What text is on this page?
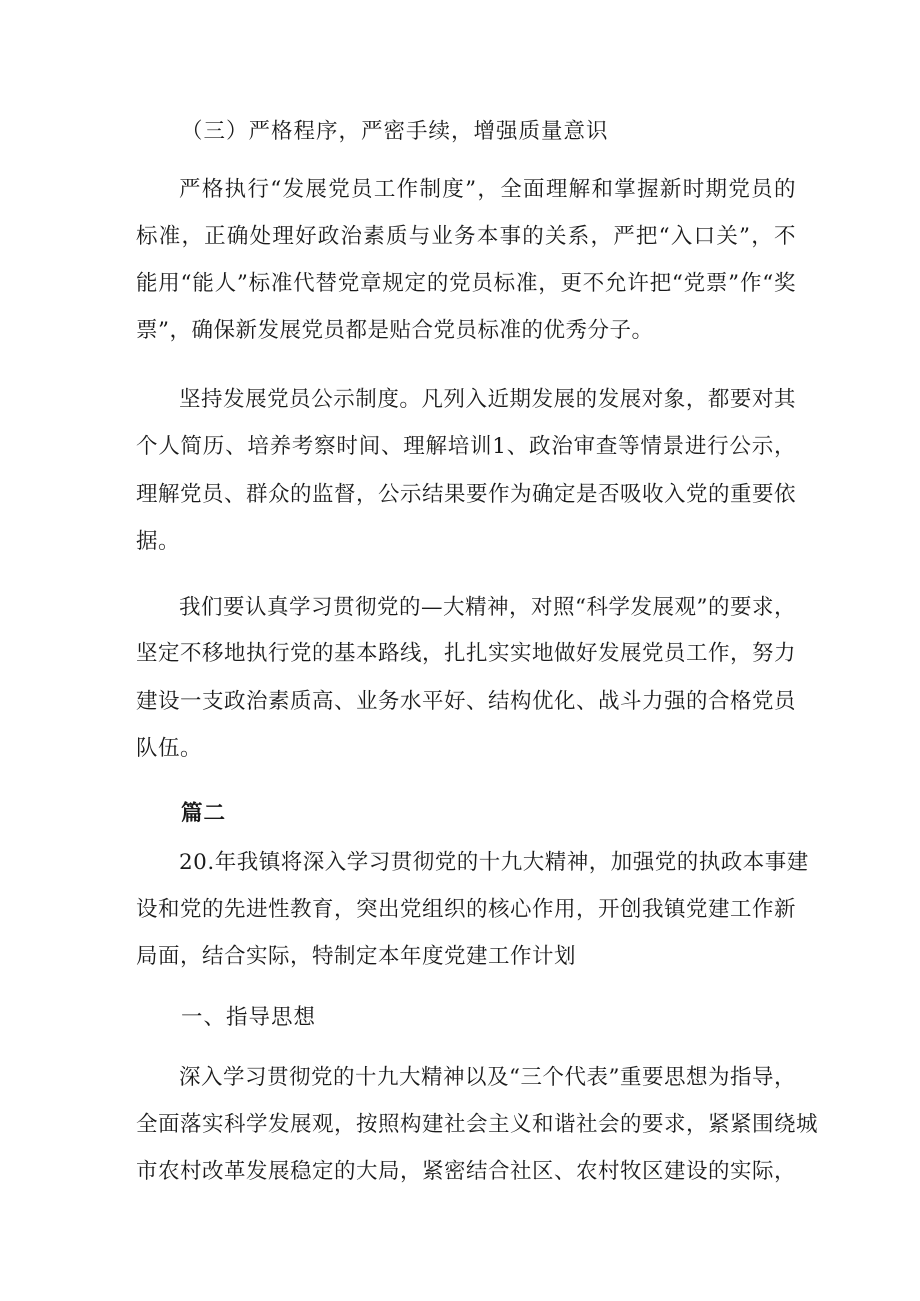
（三）严格程序，严密手续，增强质量意识
严格执行“发展党员工作制度”，全面理解和掌握新时期党员的
标准，正确处理好政治素质与业务本事的关系，严把“入口关”，不
能用“能人”标准代替党章规定的党员标准，更不允许把“党票”作“奖
票”，确保新发展党员都是贴合党员标准的优秀分子。
坚持发展党员公示制度。凡列入近期发展的发展对象，都要对其
个人简历、培养考察时间、理解培训1、政治审查等情景进行公示，
理解党员、群众的监督，公示结果要作为确定是否吸收入党的重要依
据。
我们要认真学习贯彻党的—大精神，对照“科学发展观”的要求，
坚定不移地执行党的基本路线，扎扎实实地做好发展党员工作，努力
建设一支政治素质高、业务水平好、结构优化、战斗力强的合格党员
队伍。
篇二
20.年我镇将深入学习贯彻党的十九大精神，加强党的执政本事建
设和党的先进性教育，突出党组织的核心作用，开创我镇党建工作新
局面，结合实际，特制定本年度党建工作计划
一、指导思想
深入学习贯彻党的十九大精神以及“三个代表”重要思想为指导，
全面落实科学发展观，按照构建社会主义和谐社会的要求，紧紧围绕城
市农村改革发展稳定的大局，紧密结合社区、农村牧区建设的实际，
